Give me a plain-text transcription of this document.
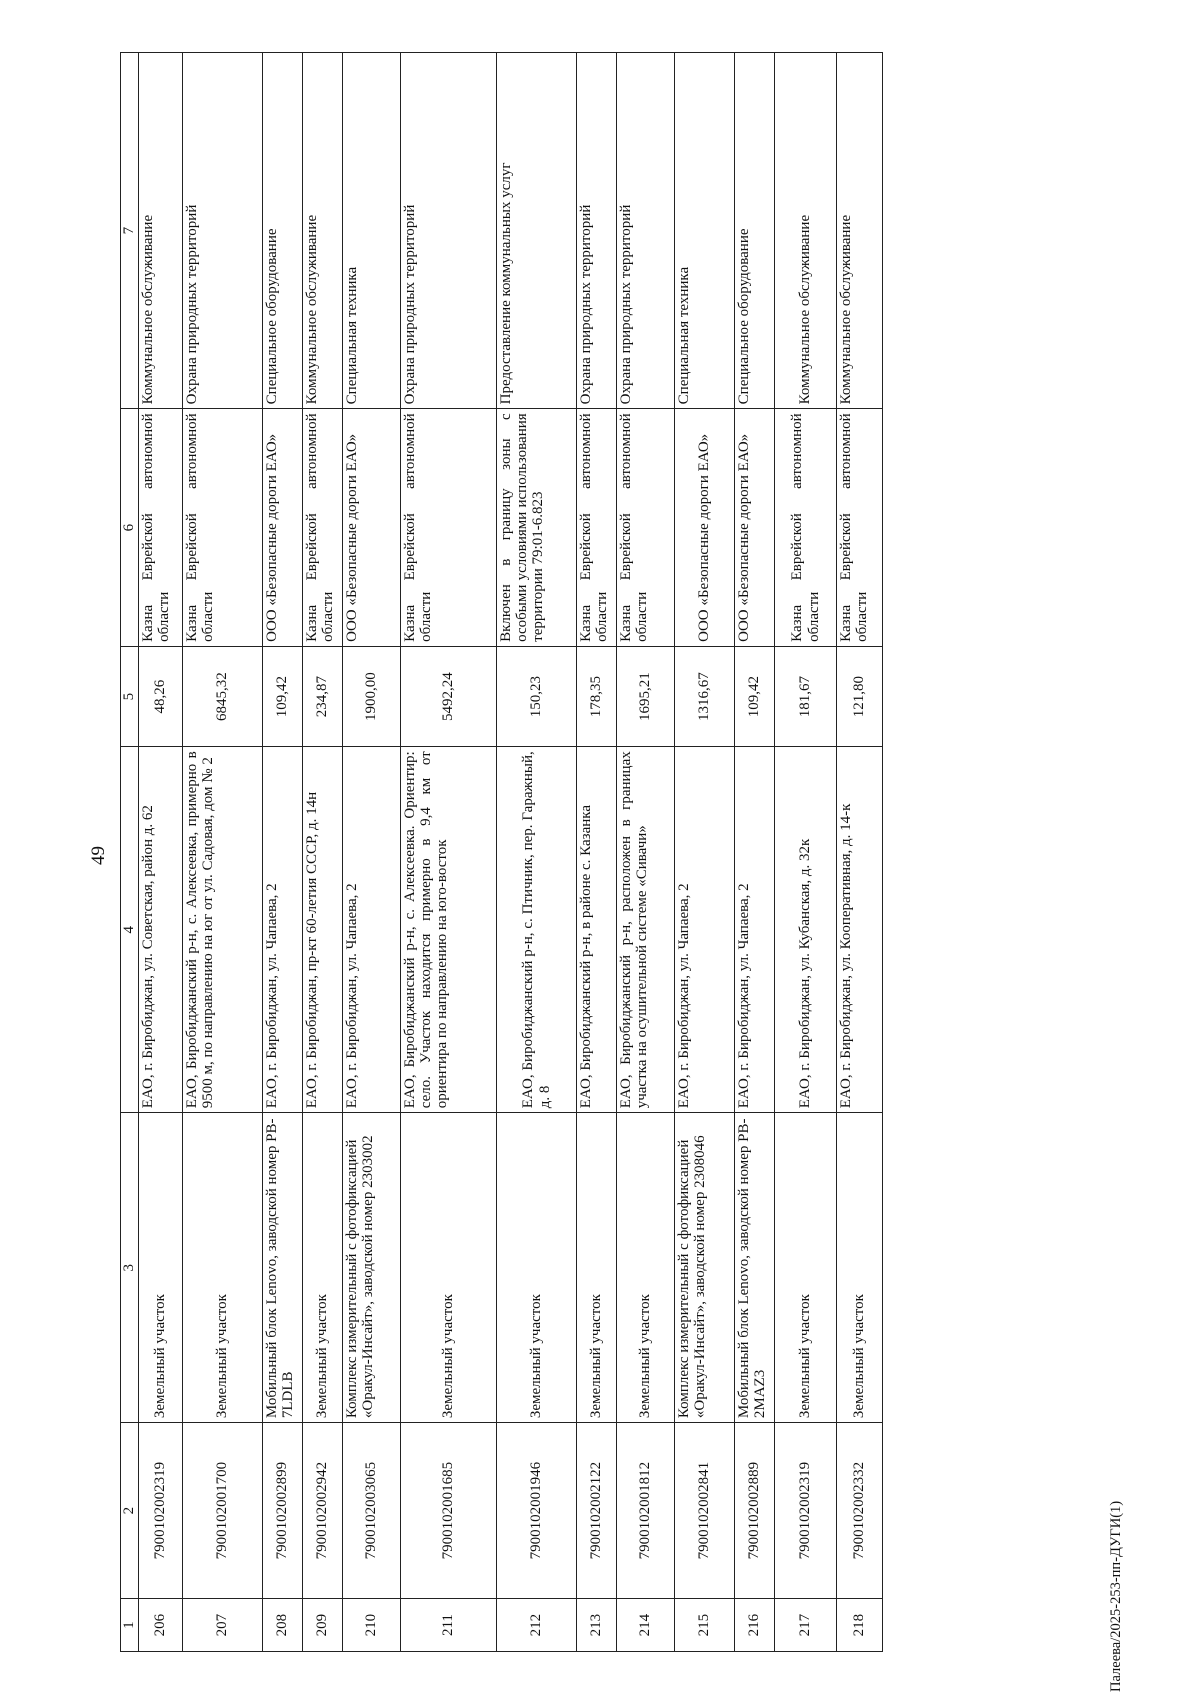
49
1	2	3	4	5	6	7
206	7900102002319	Земельный участок	ЕАО, г. Биробиджан, ул. Советская, район д. 62	48,26	Казна Еврейской автономной области	Коммунальное обслуживание
207	7900102001700	Земельный участок	ЕАО, Биробиджанский р-н, с. Алексеевка, примерно в 9500 м, по направлению на юг от ул. Садовая, дом № 2	6845,32	Казна Еврейской автономной области	Охрана природных территорий
208	7900102002899	Мобильный блок Lenovo, заводской номер PB-7LDLB	ЕАО, г. Биробиджан, ул. Чапаева, 2	109,42	ООО «Безопасные дороги ЕАО»	Специальное оборудование
209	7900102002942	Земельный участок	ЕАО, г. Биробиджан, пр-кт 60-летия СССР, д. 14н	234,87	Казна Еврейской автономной области	Коммунальное обслуживание
210	7900102003065	Комплекс измерительный с фотофиксацией «Оракул-Инсайт», заводской номер 2303002	ЕАО, г. Биробиджан, ул. Чапаева, 2	1900,00	ООО «Безопасные дороги ЕАО»	Специальная техника
211	7900102001685	Земельный участок	ЕАО, Биробиджанский р-н, с. Алексеевка. Ориентир: село. Участок находится примерно в 9,4 км от ориентира по направлению на юго-восток	5492,24	Казна Еврейской автономной области	Охрана природных территорий
212	7900102001946	Земельный участок	ЕАО, Биробиджанский р-н, с. Птичник, пер. Гаражный, д. 8	150,23	Включен в границу зоны с особыми условиями использования территории 79:01-6.823	Предоставление коммунальных услуг
213	7900102002122	Земельный участок	ЕАО, Биробиджанский р-н, в районе с. Казанка	178,35	Казна Еврейской автономной области	Охрана природных территорий
214	7900102001812	Земельный участок	ЕАО, Биробиджанский р-н, расположен в границах участка на осушительной системе «Сивачи»	1695,21	Казна Еврейской автономной области	Охрана природных территорий
215	7900102002841	Комплекс измерительный с фотофиксацией «Оракул-Инсайт», заводской номер 2308046	ЕАО, г. Биробиджан, ул. Чапаева, 2	1316,67	ООО «Безопасные дороги ЕАО»	Специальная техника
216	7900102002889	Мобильный блок Lenovo, заводской номер PB-2MAZ3	ЕАО, г. Биробиджан, ул. Чапаева, 2	109,42	ООО «Безопасные дороги ЕАО»	Специальное оборудование
217	7900102002319	Земельный участок	ЕАО, г. Биробиджан, ул. Кубанская, д. 32к	181,67	Казна Еврейской автономной области	Коммунальное обслуживание
218	7900102002332	Земельный участок	ЕАО, г. Биробиджан, ул. Кооперативная, д. 14-к	121,80	Казна Еврейской автономной области	Коммунальное обслуживание
Палеева/2025-253-пп-ДУГИ(1)
